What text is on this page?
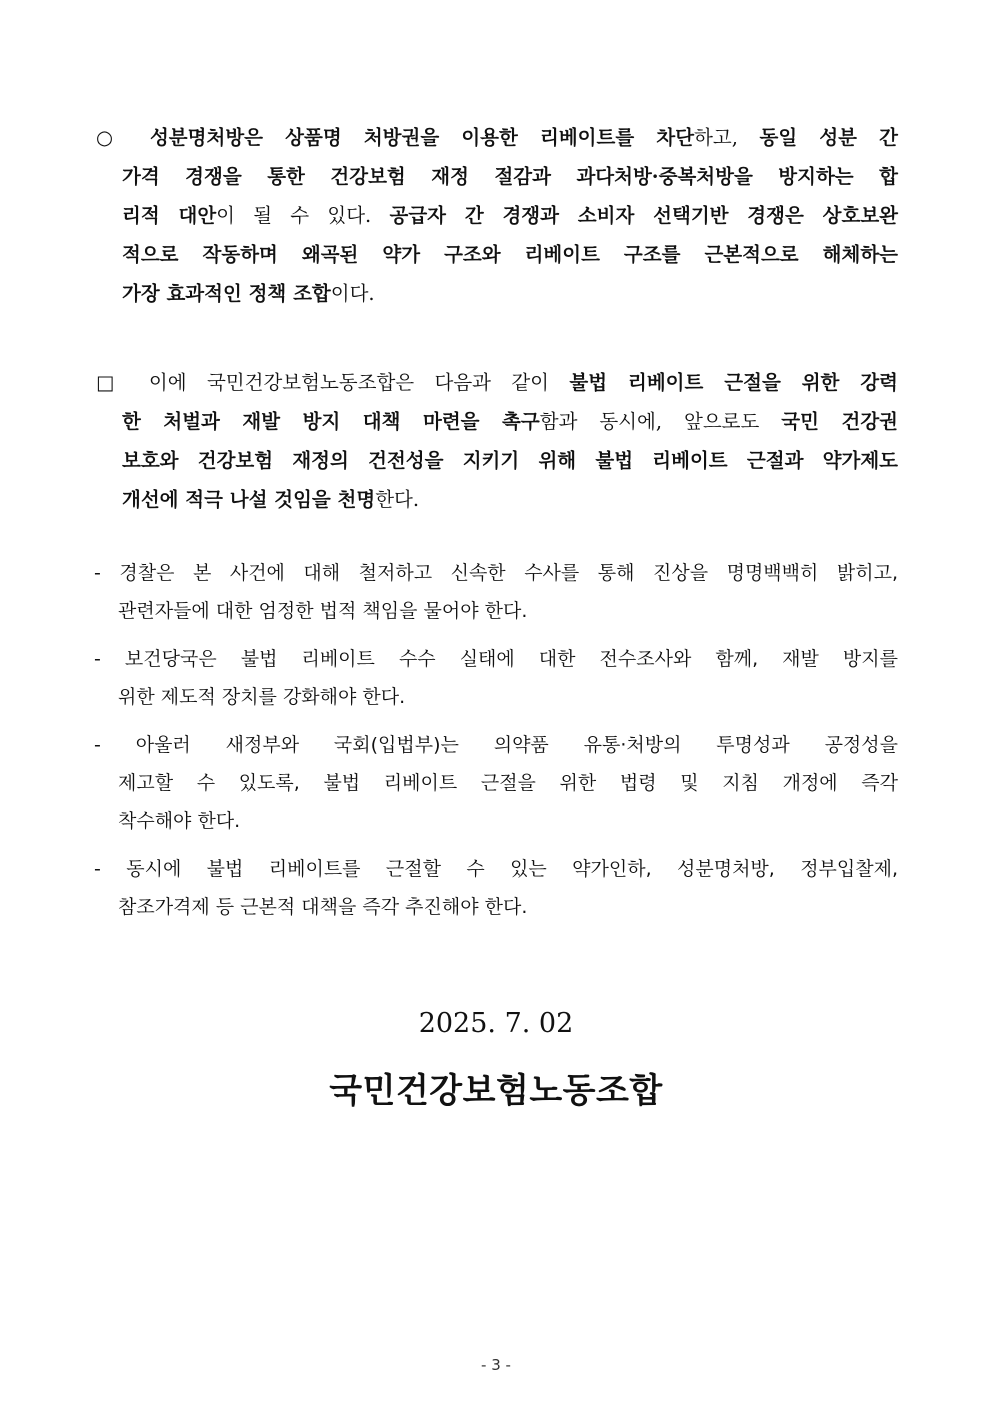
○ 성분명처방은 상품명 처방권을 이용한 리베이트를 차단하고, 동일 성분 간
가격 경쟁을 통한 건강보험 재정 절감과 과다처방·중복처방을 방지하는 합
리적 대안이 될 수 있다. 공급자 간 경쟁과 소비자 선택기반 경쟁은 상호보완
적으로 작동하며 왜곡된 약가 구조와 리베이트 구조를 근본적으로 해체하는
가장 효과적인 정책 조합이다.
□ 이에 국민건강보험노동조합은 다음과 같이 불법 리베이트 근절을 위한 강력
한 처벌과 재발 방지 대책 마련을 촉구함과 동시에, 앞으로도 국민 건강권
보호와 건강보험 재정의 건전성을 지키기 위해 불법 리베이트 근절과 약가제도
개선에 적극 나설 것임을 천명한다.
- 경찰은 본 사건에 대해 철저하고 신속한 수사를 통해 진상을 명명백백히 밝히고,
관련자들에 대한 엄정한 법적 책임을 물어야 한다.
- 보건당국은 불법 리베이트 수수 실태에 대한 전수조사와 함께, 재발 방지를
위한 제도적 장치를 강화해야 한다.
- 아울러 새정부와 국회(입법부)는 의약품 유통·처방의 투명성과 공정성을
제고할 수 있도록, 불법 리베이트 근절을 위한 법령 및 지침 개정에 즉각
착수해야 한다.
- 동시에 불법 리베이트를 근절할 수 있는 약가인하, 성분명처방, 정부입찰제,
참조가격제 등 근본적 대책을 즉각 추진해야 한다.
2025. 7. 02
국민건강보험노동조합
- 3 -
